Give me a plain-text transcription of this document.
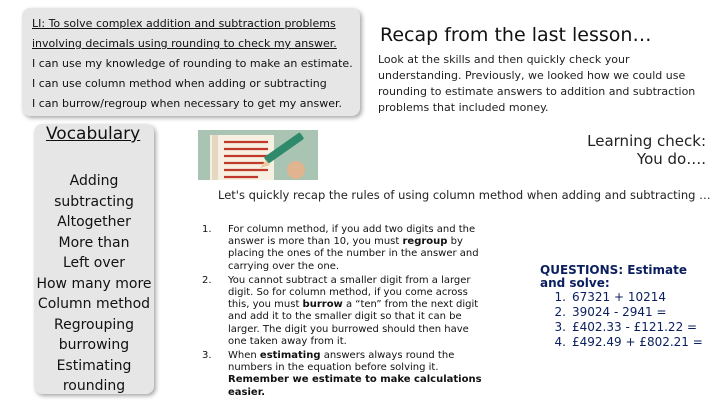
LI: To solve complex addition and subtraction problems
involving decimals using rounding to check my answer.
I can use my knowledge of rounding to make an estimate.
I can use column method when adding or subtracting
I can burrow/regroup when necessary to get my answer.
Recap from the last lesson…
Look at the skills and then quickly check your understanding. Previously, we looked how we could use rounding to estimate answers to addition and subtraction problems that included money.
Vocabulary
Adding
subtracting
Altogether
More than
Left over
How many more
Column method
Regrouping
burrowing
Estimating
rounding
Learning check:
You do….
Let's quickly recap the rules of using column method when adding and subtracting …
1. For column method, if you add two digits and the answer is more than 10, you must regroup by placing the ones of the number in the answer and carrying over the one.
2. You cannot subtract a smaller digit from a larger digit. So for column method, if you come across this, you must burrow a “ten” from the next digit and add it to the smaller digit so that it can be larger. The digit you burrowed should then have one taken away from it.
3. When estimating answers always round the numbers in the equation before solving it. Remember we estimate to make calculations easier.
QUESTIONS: Estimate
and solve:
1. 67321 + 10214
2. 39024 - 2941 =
3. £402.33 - £121.22 =
4. £492.49 + £802.21 =
